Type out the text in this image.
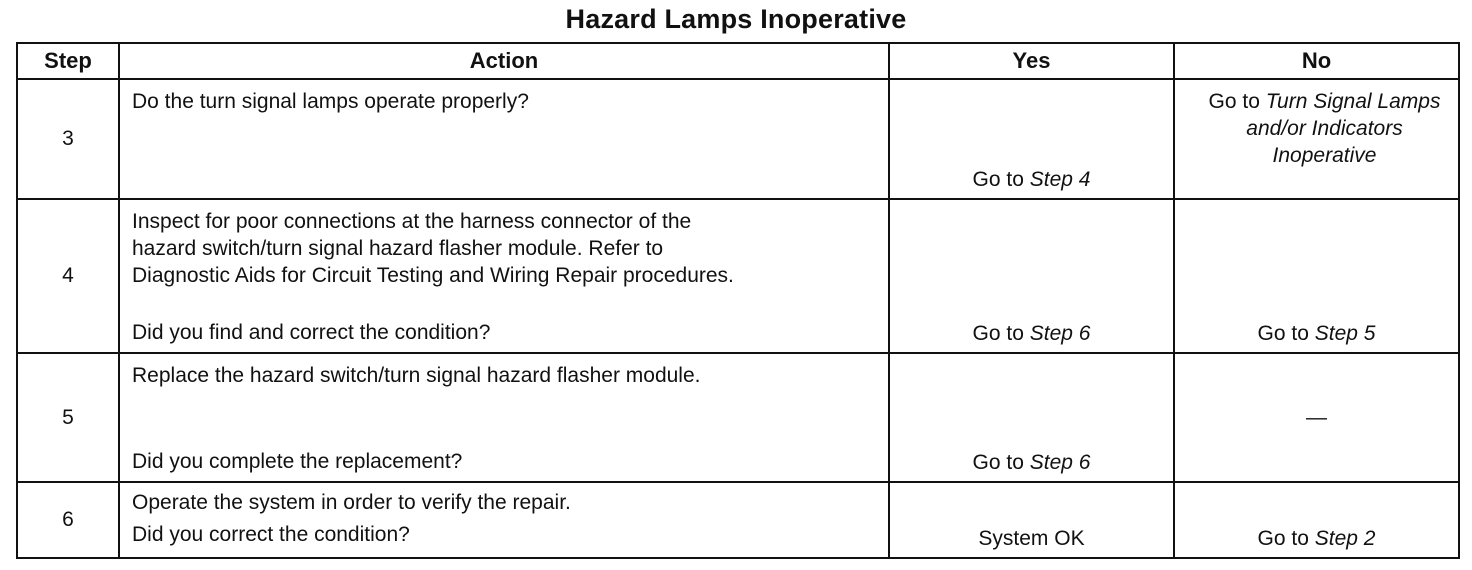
Hazard Lamps Inoperative
Step	Action	Yes	No
3	Do the turn signal lamps operate properly?	Go to Step 4	Go to Turn Signal Lamps and/or Indicators Inoperative
4	Inspect for poor connections at the harness connector of the
hazard switch/turn signal hazard flasher module. Refer to
Diagnostic Aids for Circuit Testing and Wiring Repair procedures.
Did you find and correct the condition?	Go to Step 6	Go to Step 5
5	Replace the hazard switch/turn signal hazard flasher module.
Did you complete the replacement?	Go to Step 6	—
6	Operate the system in order to verify the repair.
Did you correct the condition?	System OK	Go to Step 2
